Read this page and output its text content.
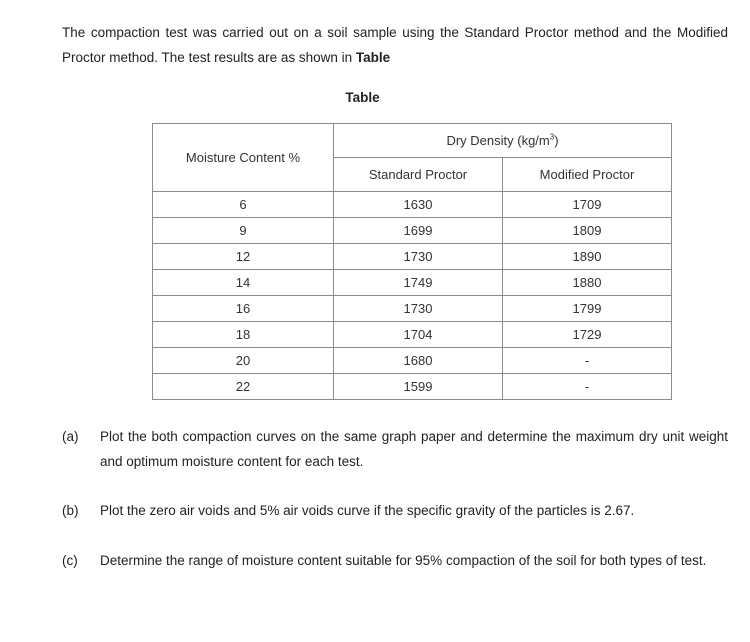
The compaction test was carried out on a soil sample using the Standard Proctor method and the Modified Proctor method. The test results are as shown in Table
Table
Moisture Content %	Dry Density $(kg/m^3)$	
	Standard Proctor	Modified Proctor
6	1630	1709
9	1699	1809
12	1730	1890
14	1749	1880
16	1730	1799
18	1704	1729
20	1680	-
22	1599	-
(a) Plot the both compaction curves on the same graph paper and determine the maximum dry unit weight and optimum moisture content for each test.
(b) Plot the zero air voids and 5% air voids curve if the specific gravity of the particles is 2.67.
(c) Determine the range of moisture content suitable for 95% compaction of the soil for both types of test.
